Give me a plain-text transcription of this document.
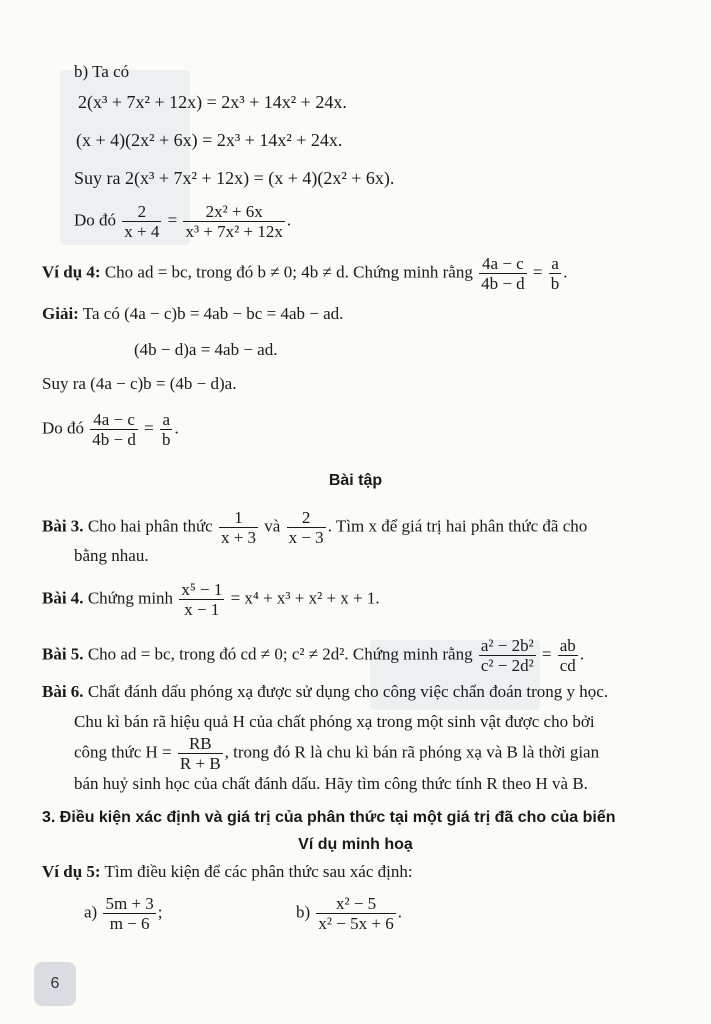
b) Ta có
2(x³ + 7x² + 12x) = 2x³ + 14x² + 24x.
(x + 4)(2x² + 6x) = 2x³ + 14x² + 24x.
Suy ra 2(x³ + 7x² + 12x) = (x + 4)(2x² + 6x).
Do đó $\frac{2}{x + 4} = \frac{\text{2x² + 6x}}{\text{x³ + 7x² + 12x}}$ .
Ví dụ 4: Cho ad = bc, trong đó b ≠ 0; 4b ≠ d. Chứng minh rằng $\frac{4a - c}{4b - d} = \frac{a}{b}$ .
Giải: Ta có (4a − c)b = 4ab − bc = 4ab − ad.
(4b − d)a = 4ab − ad.
Suy ra (4a − c)b = (4b − d)a.
Do đó $\frac{4a - c}{4b - d} = \frac{a}{b}$ .
Bài tập
Bài 3. Cho hai phân thức $\frac{1}{x + 3}$ và $\frac{2}{x - 3}$ . Tìm x để giá trị hai phân thức đã cho
bằng nhau.
Bài 4. Chứng minh $\frac{\text{x⁵ − 1}}{x - 1} = x^4 + x^3 + x^2 + x + 1$.
Bài 5. Cho ad = bc, trong đó cd ≠ 0; c² ≠ 2d². Chứng minh rằng $\frac{\text{a² − 2b²}}{\text{c² − 2d²}} = \frac{ab}{cd}$ .
Bài 6. Chất đánh dấu phóng xạ được sử dụng cho công việc chẩn đoán trong y học.
Chu kì bán rã hiệu quả H của chất phóng xạ trong một sinh vật được cho bởi
công thức $H = \frac{RB}{R + B}$ , trong đó R là chu kì bán rã phóng xạ và B là thời gian
bán huỷ sinh học của chất đánh dấu. Hãy tìm công thức tính R theo H và B.
3. Điều kiện xác định và giá trị của phân thức tại một giá trị đã cho của biến
Ví dụ minh hoạ
Ví dụ 5: Tìm điều kiện để các phân thức sau xác định:
$a) \frac{5m + 3}{m - 6}$ ;	$b) \frac{\text{x² − 5}}{\text{x² − 5x + 6}}$ .
6
